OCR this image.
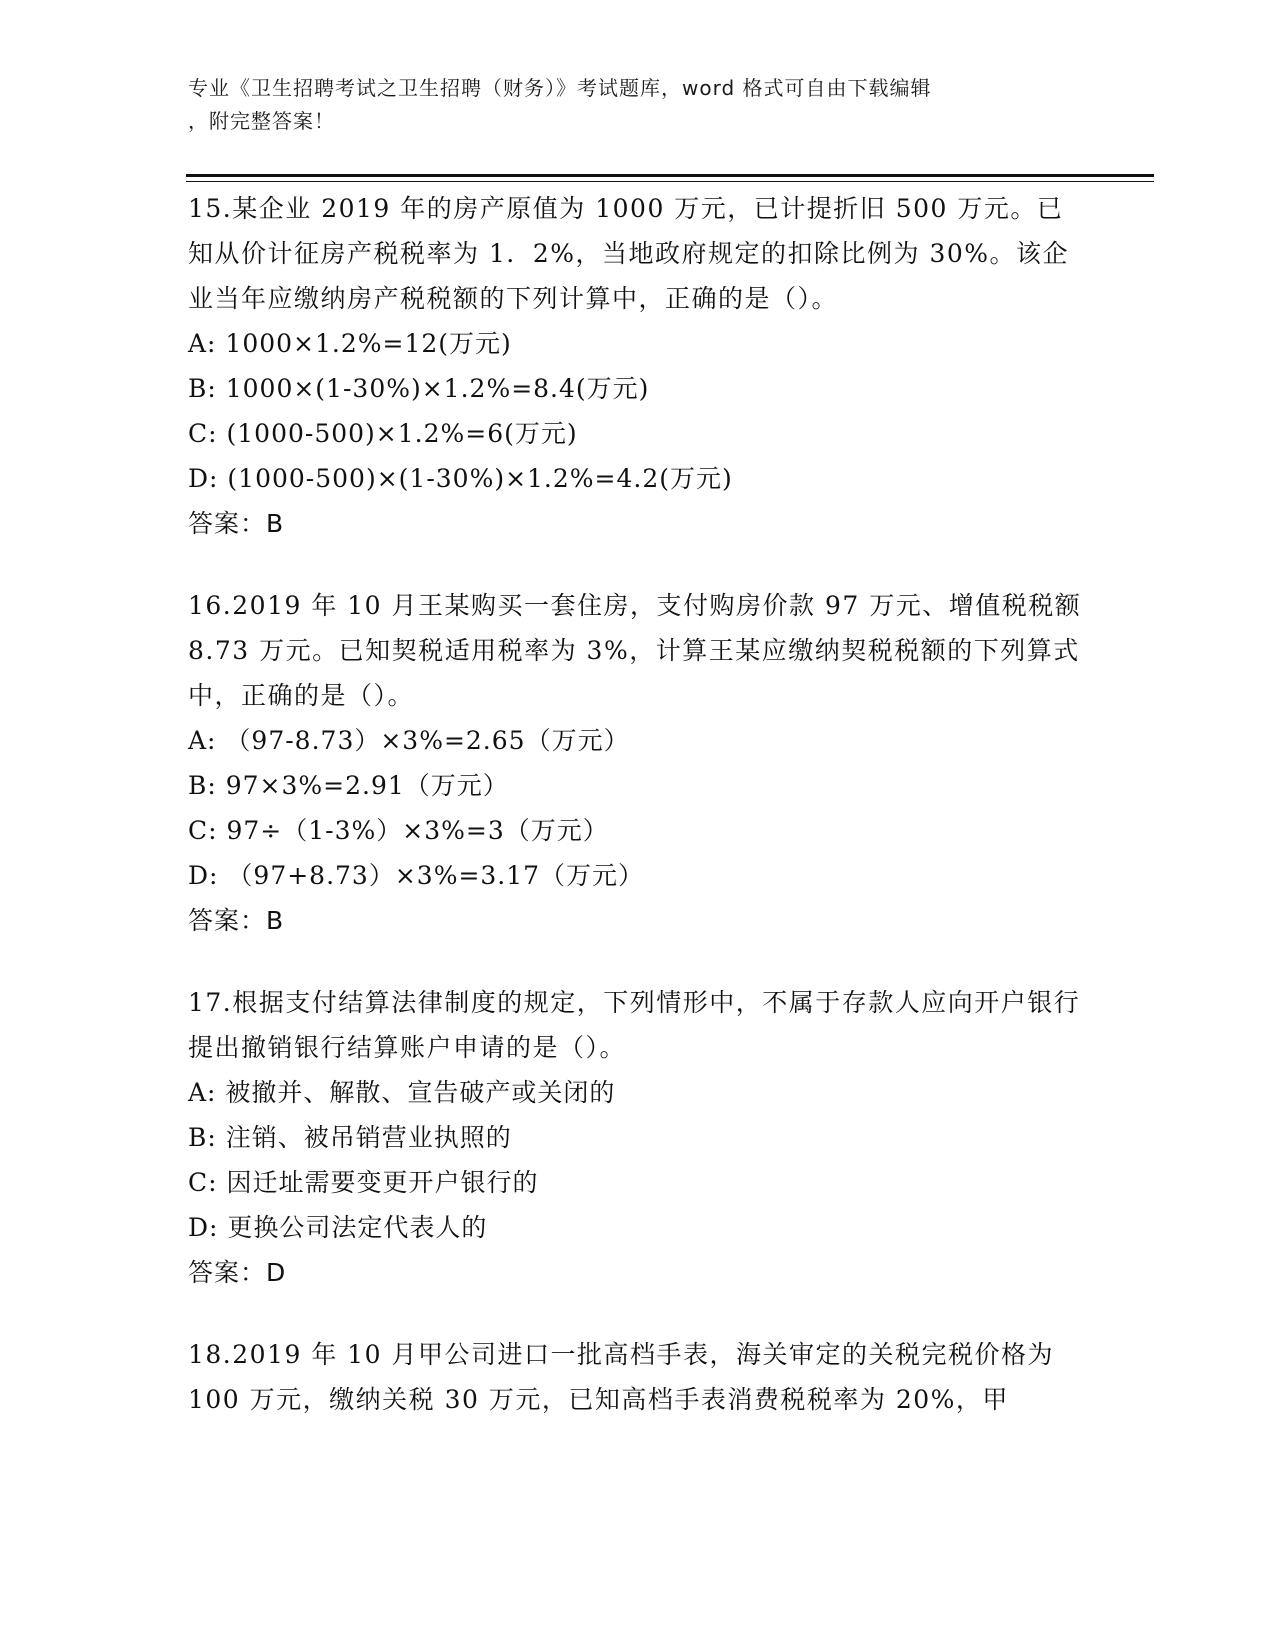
专业《卫生招聘考试之卫生招聘（财务）》考试题库，word 格式可自由下载编辑
，附完整答案！

15.某企业 2019 年的房产原值为 1000 万元，已计提折旧 500 万元。已知从价计征房产税税率为 1．2%，当地政府规定的扣除比例为 30%。该企业当年应缴纳房产税税额的下列计算中，正确的是（）。

A: 1000×1.2%=12(万元)

B: 1000×(1-30%)×1.2%=8.4(万元)

C: (1000-500)×1.2%=6(万元)

D: (1000-500)×(1-30%)×1.2%=4.2(万元)

答案：B

16.2019 年 10 月王某购买一套住房，支付购房价款 97 万元、增值税税额 8.73 万元。已知契税适用税率为 3%，计算王某应缴纳契税税额的下列算式中，正确的是（）。

A: （97-8.73）×3%=2.65（万元）

B: 97×3%=2.91（万元）

C: 97÷（1-3%）×3%=3（万元）

D: （97+8.73）×3%=3.17（万元）

答案：B

17.根据支付结算法律制度的规定，下列情形中，不属于存款人应向开户银行提出撤销银行结算账户申请的是（）。

A: 被撤并、解散、宣告破产或关闭的

B: 注销、被吊销营业执照的

C: 因迁址需要变更开户银行的

D: 更换公司法定代表人的

答案：D

18.2019 年 10 月甲公司进口一批高档手表，海关审定的关税完税价格为 100 万元，缴纳关税 30 万元，已知高档手表消费税税率为 20%，甲
